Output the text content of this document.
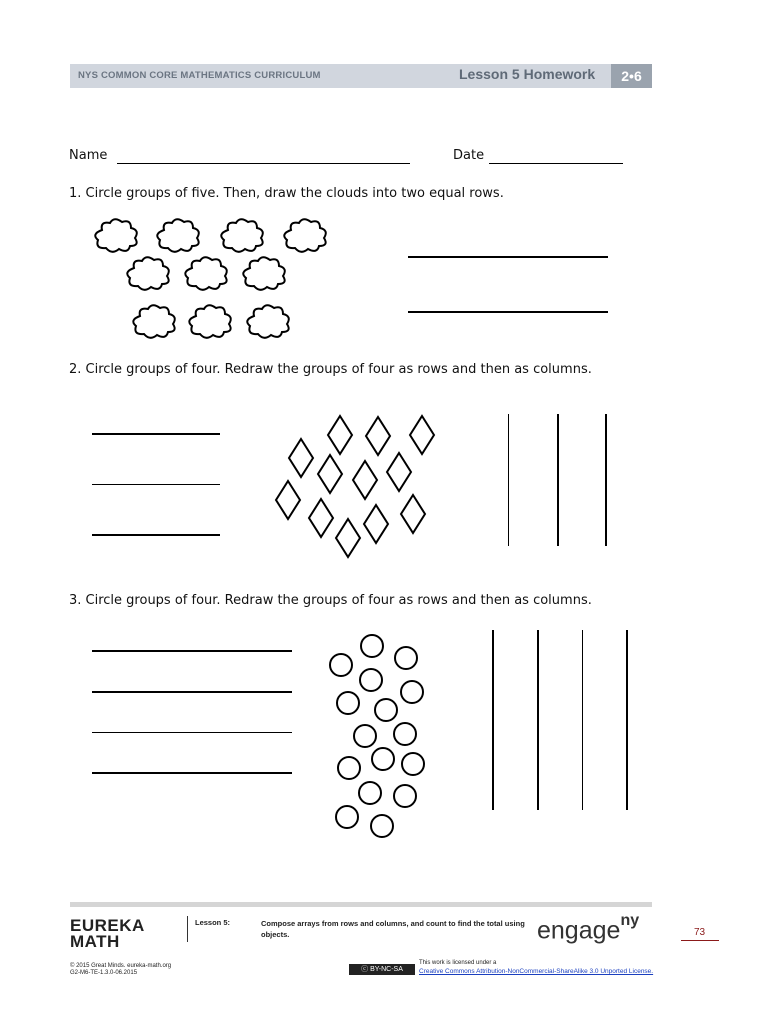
NYS COMMON CORE MATHEMATICS CURRICULUM	Lesson 5 Homework	2•6
Name	Date
1. Circle groups of five. Then, draw the clouds into two equal rows.
2. Circle groups of four. Redraw the groups of four as rows and then as columns.
3. Circle groups of four. Redraw the groups of four as rows and then as columns.
EUREKA
MATH
Lesson 5:	Compose arrays from rows and columns, and count to find the total using objects.	engage$^{ny}$
73
© 2015 Great Minds. eureka-math.org
G2-M6-TE-1.3.0-06.2015	ⓒ BY-NC-SA
This work is licensed under a
Creative Commons Attribution-NonCommercial-ShareAlike 3.0 Unported License.
